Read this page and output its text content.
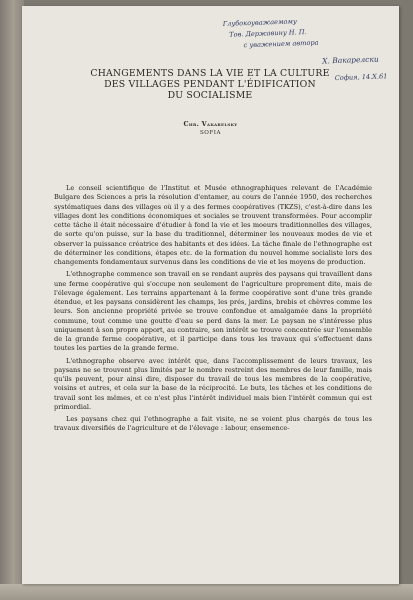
Глубокоуважаемому
Тов. Державину Н. П.
с уважением автора
Х. Вакарелски
София, 14.Х.61
CHANGEMENTS DANS LA VIE ET LA CULTURE
DES VILLAGES PENDANT L'ÉDIFICATION
DU SOCIALISME
Chr. Vakarelsky
SOFIA

Le conseil scientifique de l'Institut et Musée ethnographiques relevant de l'Académie Bulgare des Sciences a pris la résolution d'entamer, au cours de l'année 1950, des recherches systématiques dans des villages où il y a des fermes coopératives (TKZS), c'est-à-dire dans les villages dont les conditions économiques et sociales se trouvent transformées. Pour accomplir cette tâche il était nécessaire d'étudier à fond la vie et les moeurs traditionnelles des villages, de sorte qu'on puisse, sur la base du traditionnel, déterminer les nouveaux modes de vie et observer la puissance créatrice des habitants et des idées. La tâche finale de l'ethnographe est de déterminer les conditions, étapes etc. de la formation du nouvel homme socialiste lors des changements fondamentaux survenus dans les conditions de vie et les moyens de production.

L'ethnographe commence son travail en se rendant auprès des paysans qui travaillent dans une ferme coopérative qui s'occupe non seulement de l'agriculture proprement dite, mais de l'élevage également. Les terrains appartenant à la ferme coopérative sont d'une très grande étendue, et les paysans considèrent les champs, les prés, jardins, brebis et chèvres comme les leurs. Son ancienne propriété privée se trouve confondue et amalgamée dans la propriété commune, tout comme une goutte d'eau se perd dans la mer. Le paysan ne s'intéresse plus uniquement à son propre apport, au contraire, son intérêt se trouve concentrée sur l'ensemble de la grande ferme coopérative, et il participe dans tous les travaux qui s'effectuent dans toutes les parties de la grande ferme.

L'ethnographe observe avec intérêt que, dans l'accomplissement de leurs travaux, les paysans ne se trouvent plus limités par le nombre restreint des membres de leur famille, mais qu'ils peuvent, pour ainsi dire, disposer du travail de tous les membres de la coopérative, voisins et autres, et cela sur la base de la réciprocité. Le buts, les tâches et les conditions de travail sont les mêmes, et ce n'est plus l'intérêt individuel mais bien l'intérêt commun qui est primordial.

Les paysans chez qui l'ethnographe a fait visite, ne se voient plus chargés de tous les travaux diversifiés de l'agriculture et de l'élevage : labour, ensemence-
